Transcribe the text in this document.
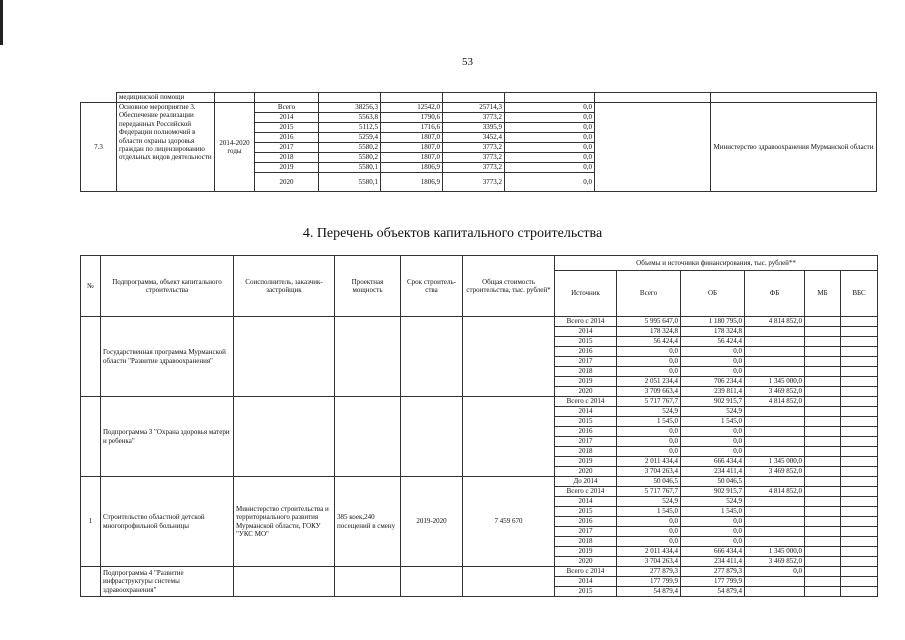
53
	медицинской помощи								
7.3	Основное мероприятие 3. Обеспечение реализации переданных Российской Федерации полномочий в области охраны здоровья граждан по лицензированию отдельных видов деятельности	2014-2020 годы	Всего	38256,3	12542,0	25714,3	0,0		Министерство здравоохранения Мурманской области
			2014	5563,8	1790,6	3773,2	0,0		
			2015	5112,5	1716,6	3395,9	0,0		
			2016	5259,4	1807,0	3452,4	0,0		
			2017	5580,2	1807,0	3773,2	0,0		
			2018	5580,2	1807,0	3773,2	0,0		
			2019	5580,1	1806,9	3773,2	0,0		
			2020	5580,1	1806,9	3773,2	0,0		
4. Перечень объектов капитального строительства
№	Подпрограмма, объект капитального строительства	Соисполнитель, заказчик-застройщик	Проектная мощность	Срок строитель-ства	Общая стоимость строительства, тыс. рублей*	Объемы и источники финансирования, тыс. рублей**					
						Источник	Всего	ОБ	ФБ	МБ	ВБС
	Государственная программа Мурманской области "Развитие здравоохранения"					Всего с 2014	5 995 647,0	1 180 795,0	4 814 852,0		
						2014	178 324,8	178 324,8			
						2015	56 424,4	56 424,4			
						2016	0,0	0,0			
						2017	0,0	0,0			
						2018	0,0	0,0			
						2019	2 051 234,4	706 234,4	1 345 000,0		
						2020	3 709 663,4	239 811,4	3 469 852,0		
	Подпрограмма 3 "Охрана здоровья матери и ребенка"					Всего с 2014	5 717 767,7	902 915,7	4 814 852,0		
						2014	524,9	524,9			
						2015	1 545,0	1 545,0			
						2016	0,0	0,0			
						2017	0,0	0,0			
						2018	0,0	0,0			
						2019	2 011 434,4	666 434,4	1 345 000,0		
						2020	3 704 263,4	234 411,4	3 469 852,0		
1	Строительство областной детской многопрофильной больницы	Министерство строительства и территориального развития Мурманской области, ГОКУ "УКС МО"	385 коек,240 посещений в смену	2019-2020	7 459 670	До 2014	50 046,5	50 046,5			
						Всего с 2014	5 717 767,7	902 915,7	4 814 852,0		
						2014	524,9	524,9			
						2015	1 545,0	1 545,0			
						2016	0,0	0,0			
						2017	0,0	0,0			
						2018	0,0	0,0			
						2019	2 011 434,4	666 434,4	1 345 000,0		
						2020	3 704 263,4	234 411,4	3 469 852,0		
	Подпрограмма 4 "Развитие инфраструктуры системы здравоохранения"					Всего с 2014	277 879,3	277 879,3	0,0		
						2014	177 799,9	177 799,9			
						2015	54 879,4	54 879,4			
